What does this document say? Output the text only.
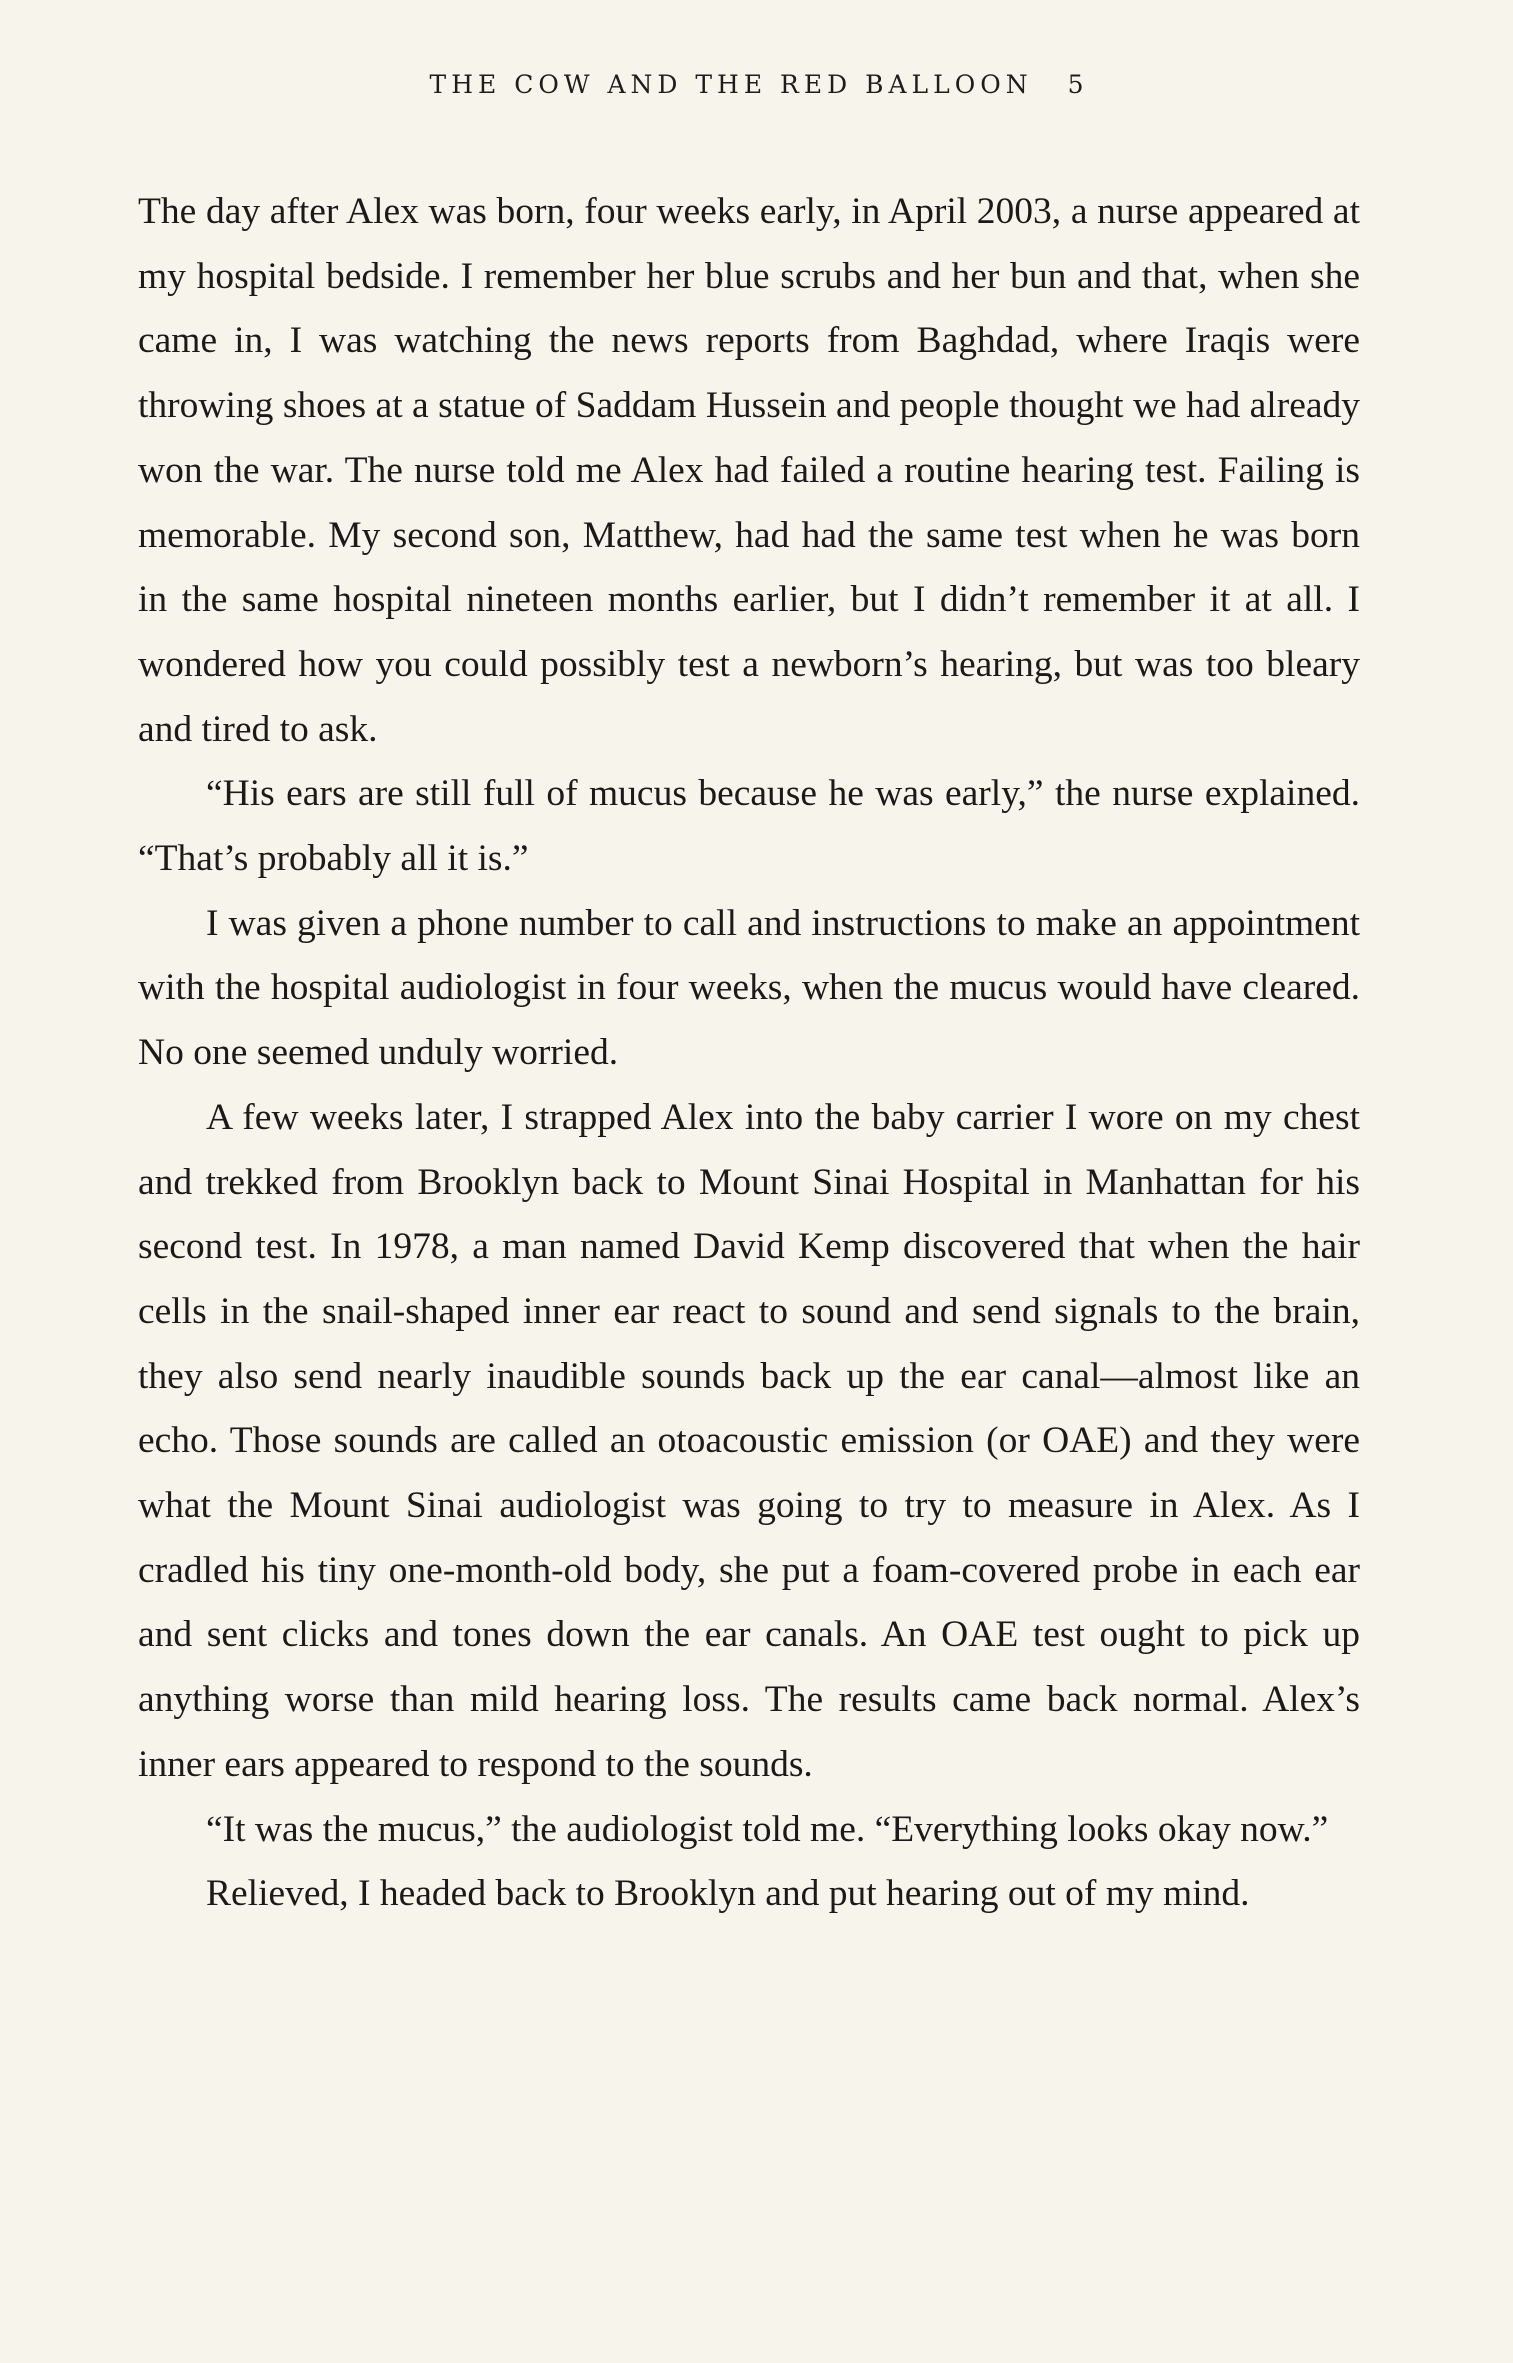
THE COW AND THE RED BALLOON 5

The day after Alex was born, four weeks early, in April 2003, a nurse appeared at my hospital bedside. I remember her blue scrubs and her bun and that, when she came in, I was watching the news reports from Baghdad, where Iraqis were throwing shoes at a statue of Saddam Hussein and people thought we had already won the war. The nurse told me Alex had failed a routine hearing test. Failing is memorable. My second son, Matthew, had had the same test when he was born in the same hospital nineteen months earlier, but I didn’t remember it at all. I wondered how you could possibly test a newborn’s hearing, but was too bleary and tired to ask.

“His ears are still full of mucus because he was early,” the nurse explained. “That’s probably all it is.”

I was given a phone number to call and instructions to make an appointment with the hospital audiologist in four weeks, when the mucus would have cleared. No one seemed unduly worried.

A few weeks later, I strapped Alex into the baby carrier I wore on my chest and trekked from Brooklyn back to Mount Sinai Hospital in Manhattan for his second test. In 1978, a man named David Kemp discovered that when the hair cells in the snail-shaped inner ear react to sound and send signals to the brain, they also send nearly inaudible sounds back up the ear canal—almost like an echo. Those sounds are called an otoacoustic emission (or OAE) and they were what the Mount Sinai audiologist was going to try to measure in Alex. As I cradled his tiny one-month-old body, she put a foam-covered probe in each ear and sent clicks and tones down the ear canals. An OAE test ought to pick up anything worse than mild hearing loss. The results came back normal. Alex’s inner ears appeared to respond to the sounds.

“It was the mucus,” the audiologist told me. “Everything looks okay now.”

Relieved, I headed back to Brooklyn and put hearing out of my mind.
